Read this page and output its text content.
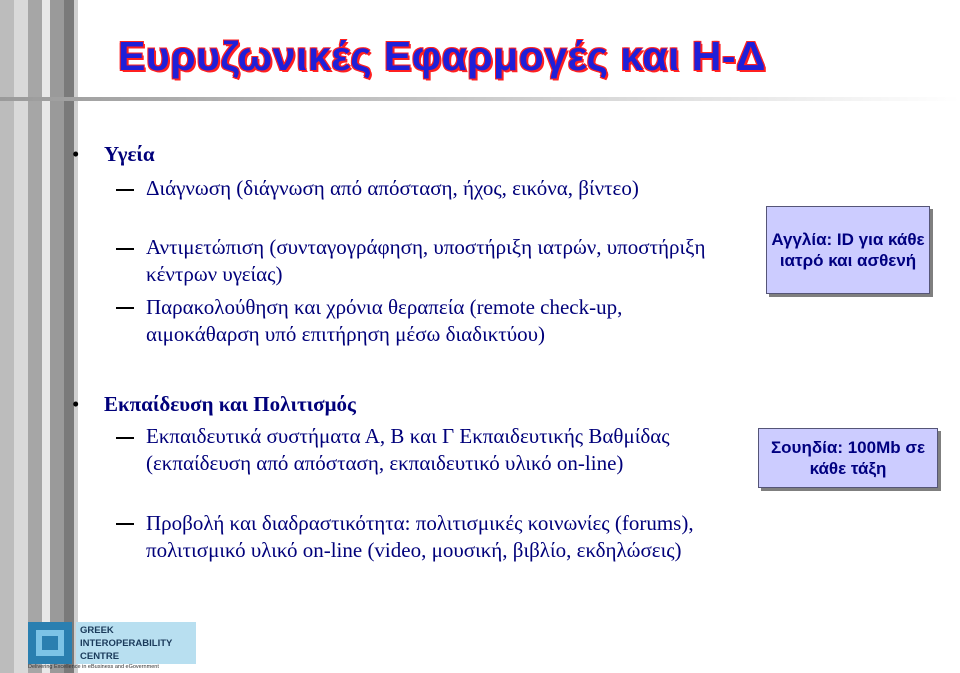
Ευρυζωνικές Εφαρμογές και Η-Δ
• Υγεία
Διάγνωση (διάγνωση από απόσταση, ήχος, εικόνα, βίντεο)
Αντιμετώπιση (συνταγογράφηση, υποστήριξη ιατρών, υποστήριξη κέντρων υγείας)
Παρακολούθηση και χρόνια θεραπεία (remote check-up, αιμοκάθαρση υπό επιτήρηση μέσω διαδικτύου)
Αγγλία: ID για κάθε ιατρό και ασθενή
• Εκπαίδευση και Πολιτισμός
Εκπαιδευτικά συστήματα Α, Β και Γ Εκπαιδευτικής Βαθμίδας (εκπαίδευση από απόσταση, εκπαιδευτικό υλικό on-line)
Προβολή και διαδραστικότητα: πολιτισμικές κοινωνίες (forums), πολιτισμικό υλικό on-line (video, μουσική, βιβλίο, εκδηλώσεις)
Σουηδία: 100Mb σε κάθε τάξη
GREEK
INTEROPERABILITY
CENTRE
Delivering Excellence in eBusiness and eGovernment
